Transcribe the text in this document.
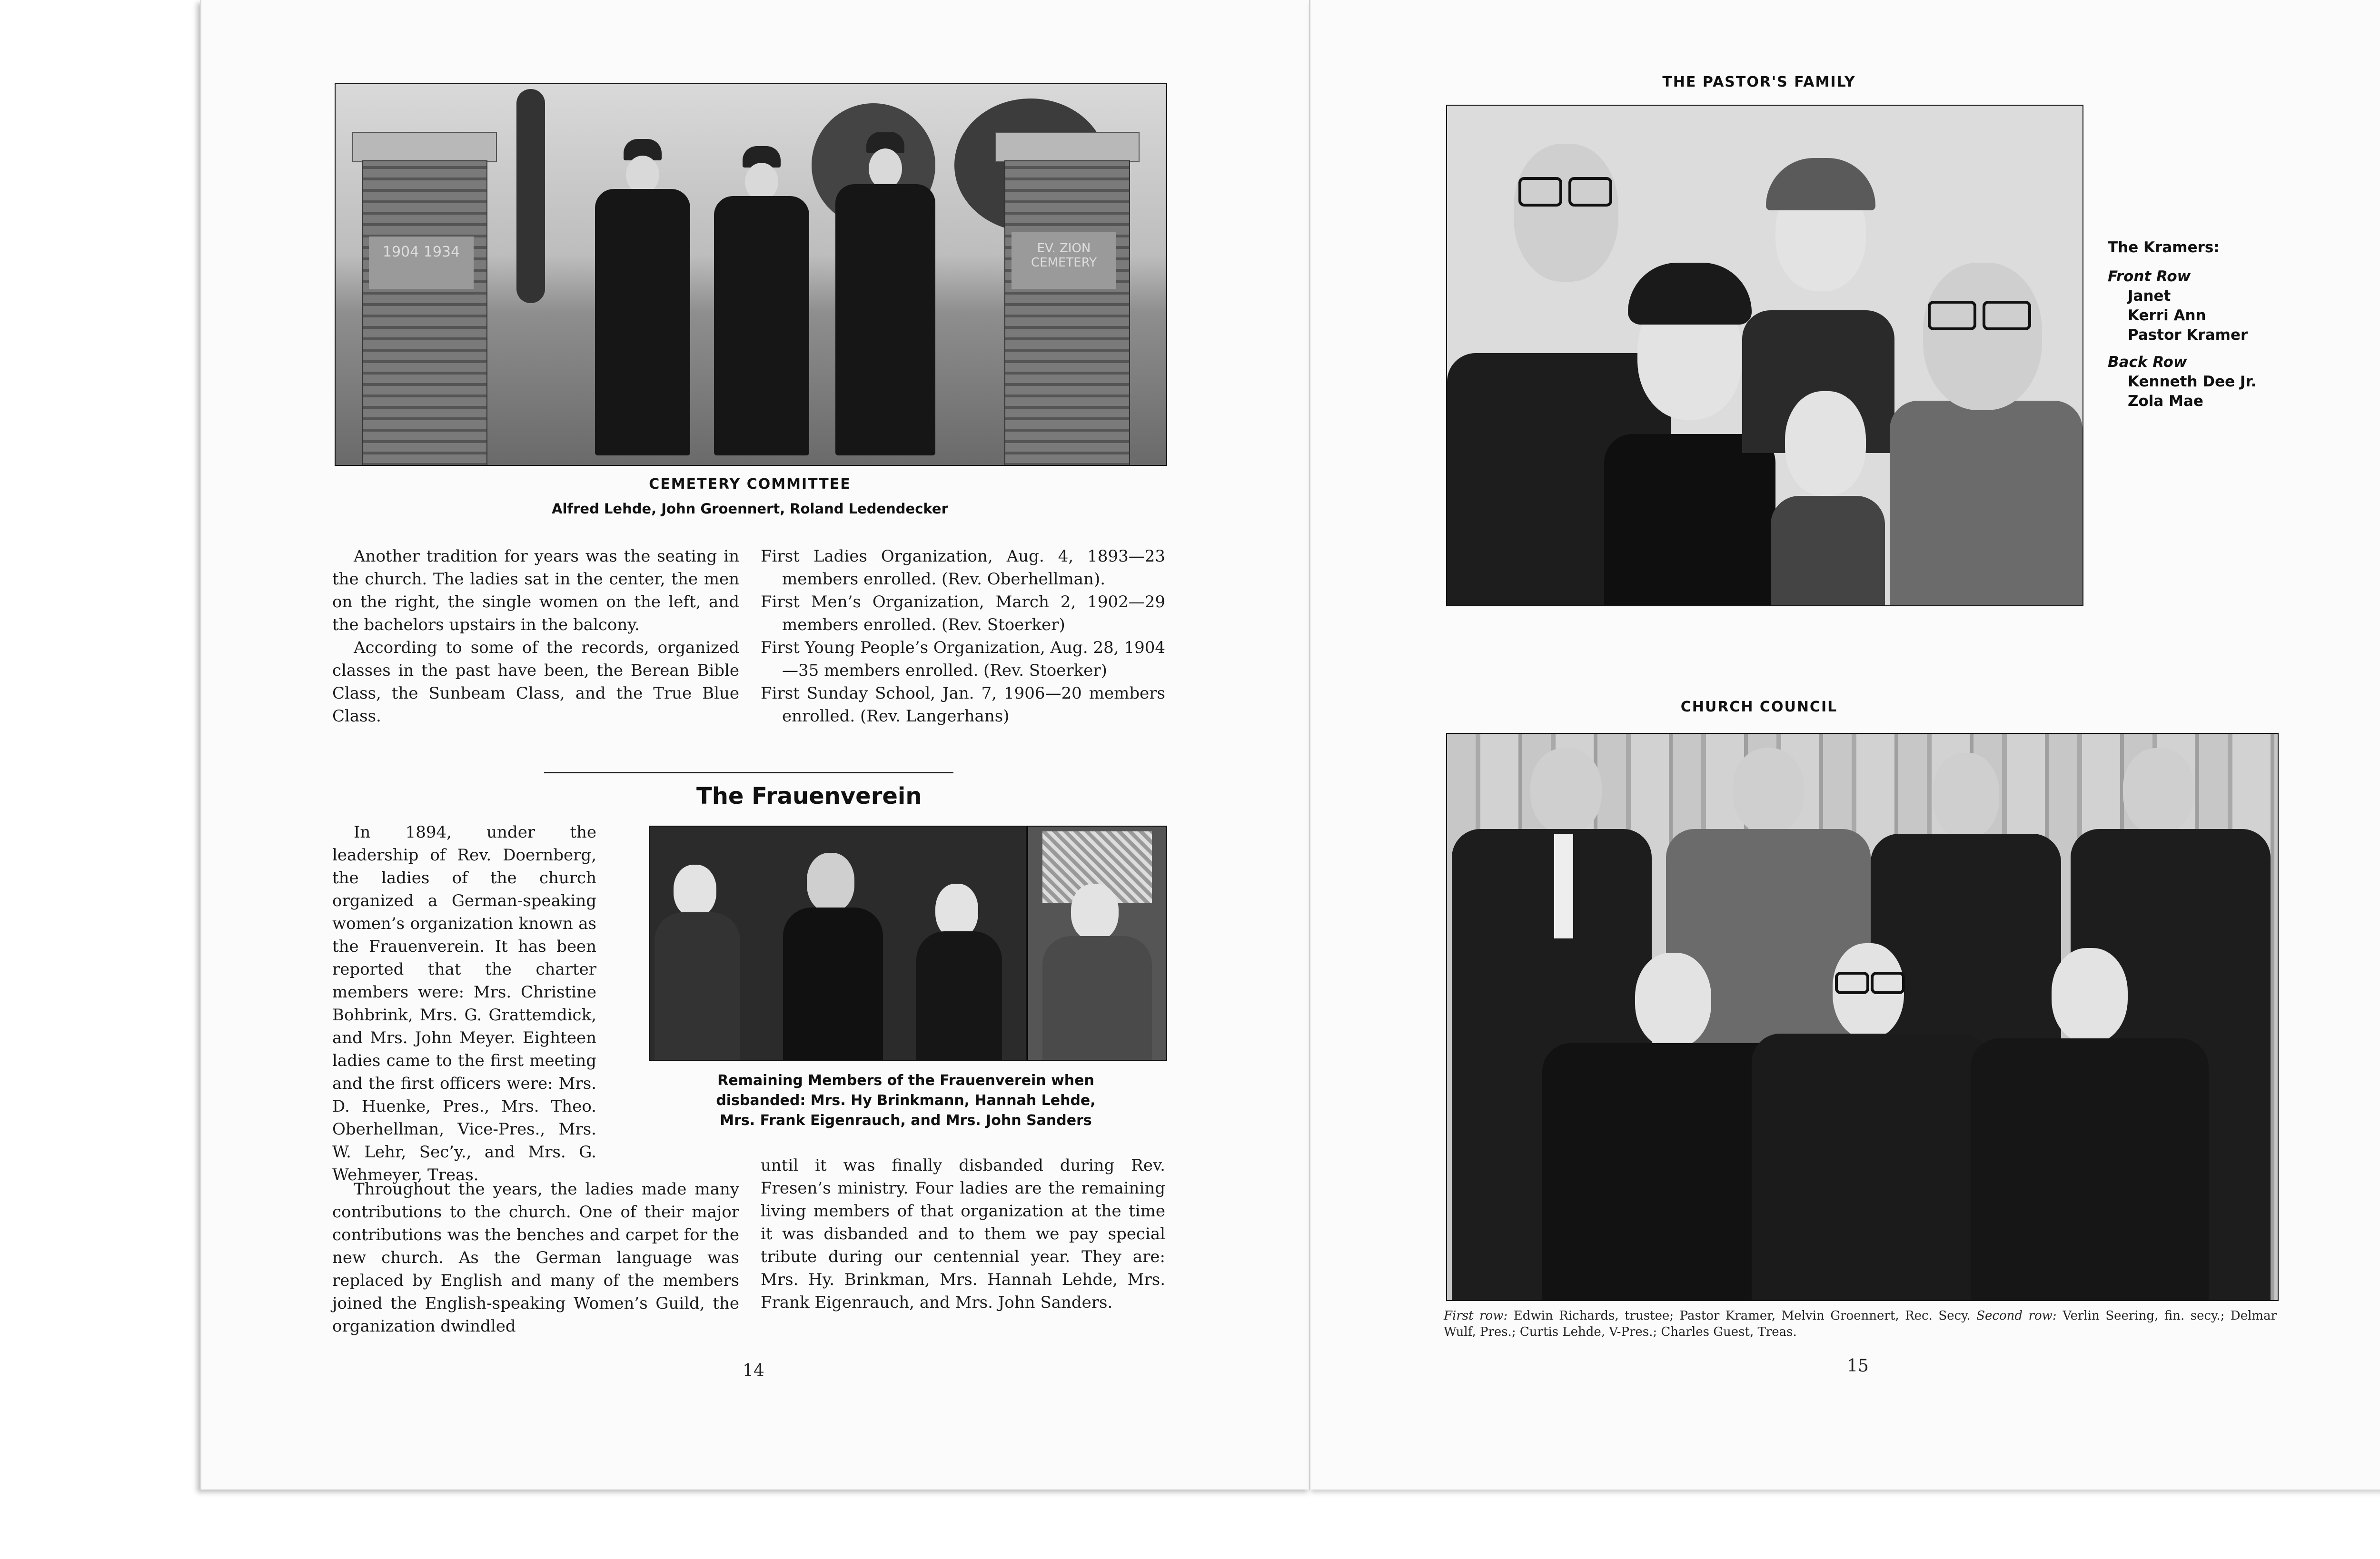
1904 1934	EV. ZION CEMETERY
CEMETERY COMMITTEE
Alfred Lehde, John Groennert, Roland Ledendecker

Another tradition for years was the seating in the church. The ladies sat in the center, the men on the right, the single women on the left, and the bachelors upstairs in the balcony.

According to some of the records, organized classes in the past have been, the Berean Bible Class, the Sunbeam Class, and the True Blue Class.

First Ladies Organization, Aug. 4, 1893—23 members enrolled. (Rev. Oberhellman).

First Men’s Organization, March 2, 1902—29 members enrolled. (Rev. Stoerker)

First Young People’s Organization, Aug. 28, 1904—35 members enrolled. (Rev. Stoerker)

First Sunday School, Jan. 7, 1906—20 members enrolled. (Rev. Langerhans)

The Frauenverein

In 1894, under the leadership of Rev. Doernberg, the ladies of the church organized a German-speaking women’s organization known as the Frauenverein. It has been reported that the charter members were: Mrs. Christine Bohbrink, Mrs. G. Grattemdick, and Mrs. John Meyer. Eighteen ladies came to the first meeting and the first officers were: Mrs. D. Huenke, Pres., Mrs. Theo. Oberhellman, Vice-Pres., Mrs. W. Lehr, Sec’y., and Mrs. G. Wehmeyer, Treas.

Throughout the years, the ladies made many contributions to the church. One of their major contributions was the benches and carpet for the new church. As the German language was replaced by English and many of the members joined the English-speaking Women’s Guild, the organization dwindled

Remaining Members of the Frauenverein when disbanded: Mrs. Hy Brinkmann, Hannah Lehde, Mrs. Frank Eigenrauch, and Mrs. John Sanders

until it was finally disbanded during Rev. Fresen’s ministry. Four ladies are the remaining living members of that organization at the time it was disbanded and to them we pay special tribute during our centennial year. They are: Mrs. Hy. Brinkman, Mrs. Hannah Lehde, Mrs. Frank Eigenrauch, and Mrs. John Sanders.

14
THE PASTOR'S FAMILY
The Kramers:
Front Row
Janet
Kerri Ann
Pastor Kramer
Back Row
Kenneth Dee Jr.
Zola Mae
CHURCH COUNCIL
First row: Edwin Richards, trustee; Pastor Kramer, Melvin Groennert, Rec. Secy. Second row: Verlin Seering, fin. secy.; Delmar Wulf, Pres.; Curtis Lehde, V-Pres.; Charles Guest, Treas.
15
